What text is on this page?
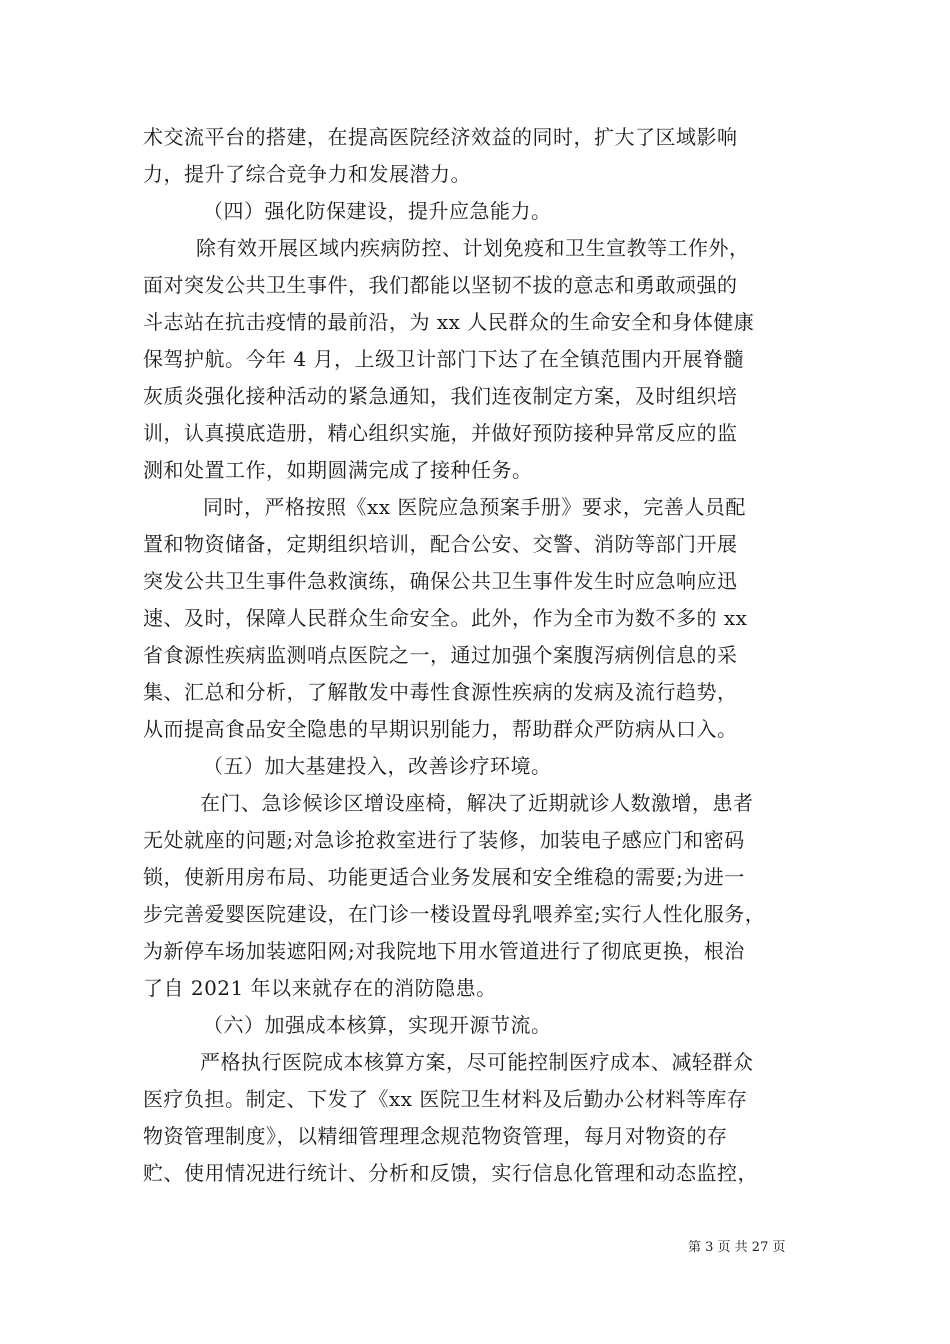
术交流平台的搭建，在提高医院经济效益的同时，扩大了区域影响

力，提升了综合竞争力和发展潜力。

（四）强化防保建设，提升应急能力。

除有效开展区域内疾病防控、计划免疫和卫生宣教等工作外，

面对突发公共卫生事件，我们都能以坚韧不拔的意志和勇敢顽强的

斗志站在抗击疫情的最前沿，为 xx 人民群众的生命安全和身体健康

保驾护航。今年 4 月，上级卫计部门下达了在全镇范围内开展脊髓

灰质炎强化接种活动的紧急通知，我们连夜制定方案，及时组织培

训，认真摸底造册，精心组织实施，并做好预防接种异常反应的监

测和处置工作，如期圆满完成了接种任务。

同时，严格按照《xx 医院应急预案手册》要求，完善人员配

置和物资储备，定期组织培训，配合公安、交警、消防等部门开展

突发公共卫生事件急救演练，确保公共卫生事件发生时应急响应迅

速、及时，保障人民群众生命安全。此外，作为全市为数不多的 xx

省食源性疾病监测哨点医院之一，通过加强个案腹泻病例信息的采

集、汇总和分析，了解散发中毒性食源性疾病的发病及流行趋势，

从而提高食品安全隐患的早期识别能力，帮助群众严防病从口入。

（五）加大基建投入，改善诊疗环境。

在门、急诊候诊区增设座椅，解决了近期就诊人数激增，患者

无处就座的问题;对急诊抢救室进行了装修，加装电子感应门和密码

锁，使新用房布局、功能更适合业务发展和安全维稳的需要;为进一

步完善爱婴医院建设，在门诊一楼设置母乳喂养室;实行人性化服务，

为新停车场加装遮阳网;对我院地下用水管道进行了彻底更换，根治

了自 2021 年以来就存在的消防隐患。

（六）加强成本核算，实现开源节流。

严格执行医院成本核算方案，尽可能控制医疗成本、减轻群众

医疗负担。制定、下发了《xx 医院卫生材料及后勤办公材料等库存

物资管理制度》，以精细管理理念规范物资管理，每月对物资的存

贮、使用情况进行统计、分析和反馈，实行信息化管理和动态监控，

第 3 页 共 27 页
